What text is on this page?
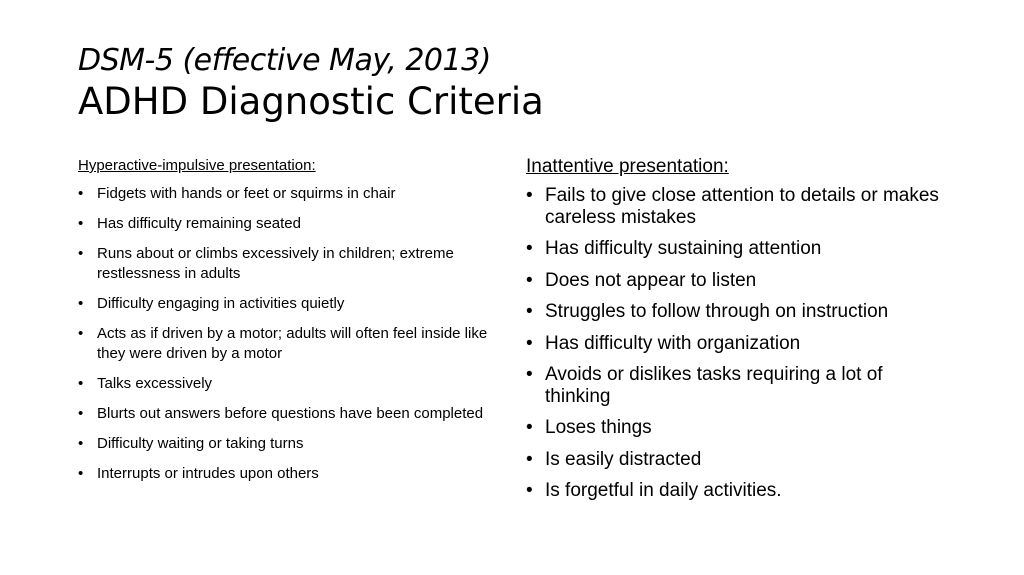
DSM-5 (effective May, 2013)
ADHD Diagnostic Criteria
Hyperactive-impulsive presentation:
• Fidgets with hands or feet or squirms in chair
• Has difficulty remaining seated
• Runs about or climbs excessively in children; extreme restlessness in adults
• Difficulty engaging in activities quietly
• Acts as if driven by a motor; adults will often feel inside like they were driven by a motor
• Talks excessively
• Blurts out answers before questions have been completed
• Difficulty waiting or taking turns
• Interrupts or intrudes upon others
Inattentive presentation:
• Fails to give close attention to details or makes careless mistakes
• Has difficulty sustaining attention
• Does not appear to listen
• Struggles to follow through on instruction
• Has difficulty with organization
• Avoids or dislikes tasks requiring a lot of thinking
• Loses things
• Is easily distracted
• Is forgetful in daily activities.
